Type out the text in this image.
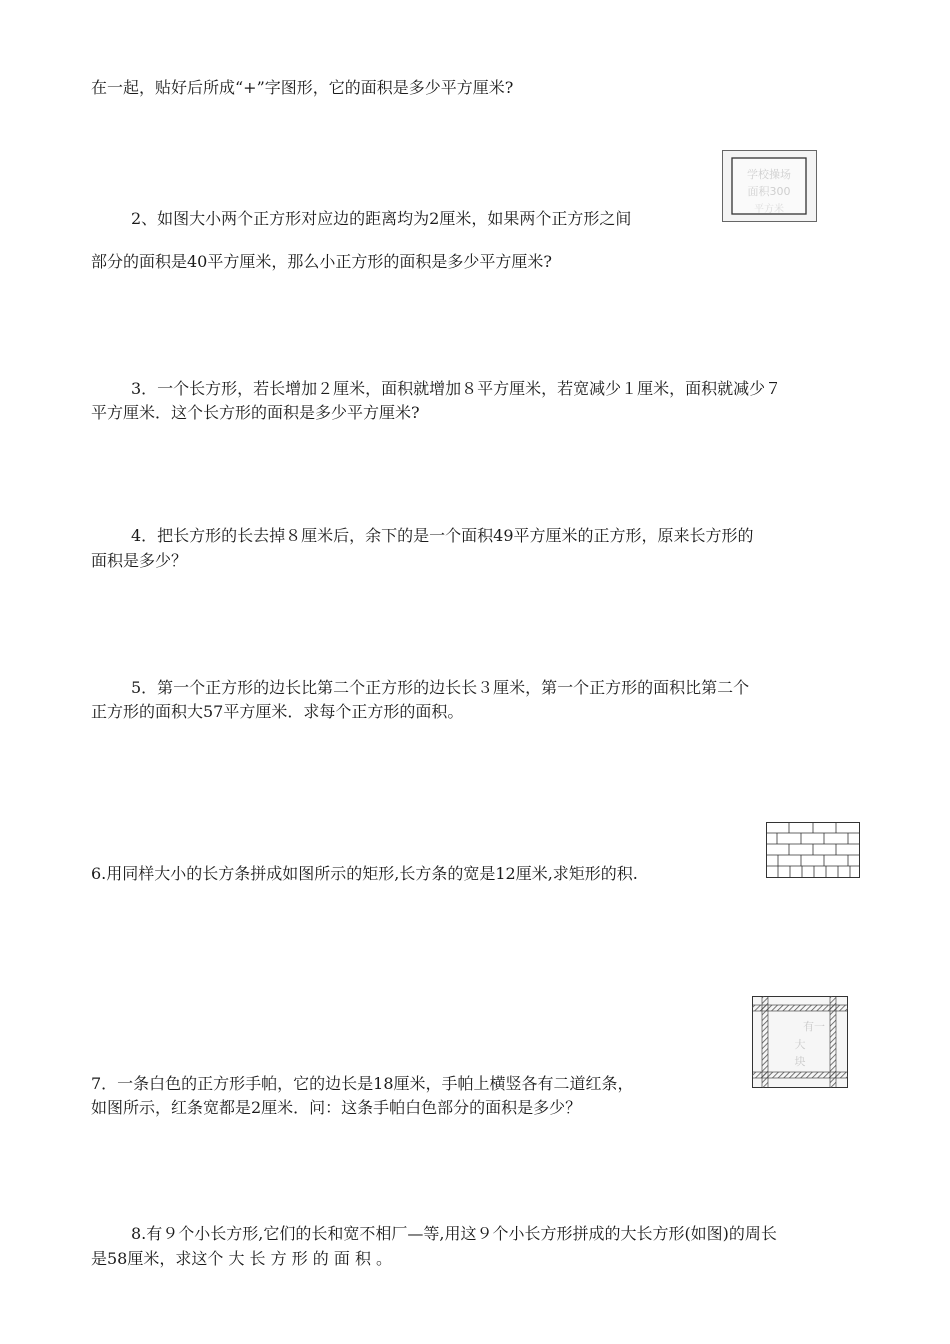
在一起，贴好后所成“+”字图形，它的面积是多少平方厘米?
2、如图大小两个正方形对应边的距离均为2厘米，如果两个正方形之间
部分的面积是40平方厘米，那么小正方形的面积是多少平方厘米?
学校操场
面积300
平方米
3．一个长方形，若长增加２厘米，面积就增加８平方厘米，若宽减少１厘米，面积就减少７
平方厘米．这个长方形的面积是多少平方厘米?
4．把长方形的长去掉８厘米后，余下的是一个面积49平方厘米的正方形，原来长方形的
面积是多少？
5．第一个正方形的边长比第二个正方形的边长长３厘米，第一个正方形的面积比第二个
正方形的面积大57平方厘米．求每个正方形的面积。
6.用同样大小的长方条拼成如图所示的矩形,长方条的宽是12厘米,求矩形的积.
7．一条白色的正方形手帕，它的边长是18厘米，手帕上横竖各有二道红条，
如图所示，红条宽都是2厘米．问：这条手帕白色部分的面积是多少？
有一
大
块
8.有９个小长方形,它们的长和宽不相厂—等,用这９个小长方形拼成的大长方形(如图)的周长
是58厘米，求这个 大 长 方 形 的 面 积 。
